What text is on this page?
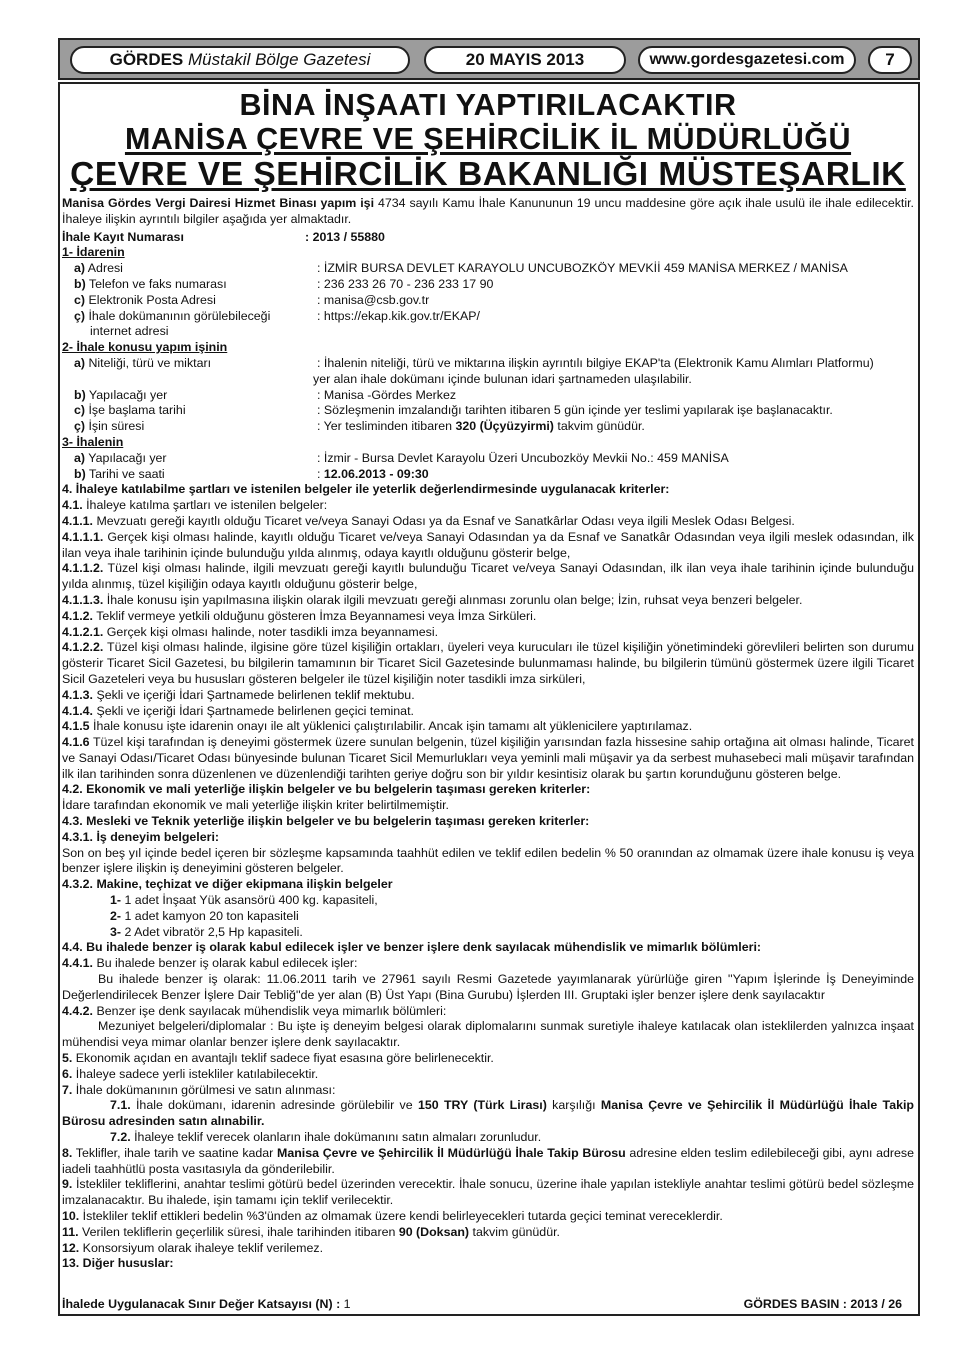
GÖRDES
Müstakil Bölge Gazetesi	20 MAYIS 2013	www.gordesgazetesi.com 7

BİNA İNŞAATI YAPTIRILACAKTIR

MANİSA ÇEVRE VE ŞEHİRCİLİK İL MÜDÜRLÜĞÜ

ÇEVRE VE ŞEHİRCİLİK BAKANLIĞI MÜSTEŞARLIK

Manisa Gördes Vergi Dairesi Hizmet Binası yapım işi 4734 sayılı Kamu İhale Kanununun 19 uncu maddesine göre açık ihale usulü ile ihale edilecektir. İhaleye ilişkin ayrıntılı bilgiler aşağıda yer almaktadır.

İhale Kayıt Numarası	: 2013 / 55880

1- İdarenin

a) Adresi	: İZMİR BURSA DEVLET KARAYOLU UNCUBOZKÖY MEVKİİ 459 MANİSA MERKEZ / MANİSA
b) Telefon ve faks numarası	: 236 233 26 70 - 236 233 17 90
c) Elektronik Posta Adresi	: manisa@csb.gov.tr
ç) İhale dokümanının görülebileceği	: https://ekap.kik.gov.tr/EKAP/

internet adresi

2- İhale konusu yapım işinin

a) Niteliği, türü ve miktarı	: İhalenin niteliği, türü ve miktarına ilişkin ayrıntılı bilgiye EKAP'ta (Elektronik Kamu Alımları Platformu)
yer alan ihale dokümanı içinde bulunan idari şartnameden ulaşılabilir.
b) Yapılacağı yer	: Manisa -Gördes Merkez
c) İşe başlama tarihi	: Sözleşmenin imzalandığı tarihten itibaren 5 gün içinde yer teslimi yapılarak işe başlanacaktır.
ç) İşin süresi	: Yer tesliminden itibaren 320 (Üçyüzyirmi) takvim günüdür.

3- İhalenin

a) Yapılacağı yer	: İzmir - Bursa Devlet Karayolu Üzeri Uncubozköy Mevkii No.: 459 MANİSA
b) Tarihi ve saati	: 12.06.2013 - 09:30

4. İhaleye katılabilme şartları ve istenilen belgeler ile yeterlik değerlendirmesinde uygulanacak kriterler:

4.1. İhaleye katılma şartları ve istenilen belgeler:

4.1.1. Mevzuatı gereği kayıtlı olduğu Ticaret ve/veya Sanayi Odası ya da Esnaf ve Sanatkârlar Odası veya ilgili Meslek Odası Belgesi.

4.1.1.1. Gerçek kişi olması halinde, kayıtlı olduğu Ticaret ve/veya Sanayi Odasından ya da Esnaf ve Sanatkâr Odasından veya ilgili meslek odasından, ilk ilan veya ihale tarihinin içinde bulunduğu yılda alınmış, odaya kayıtlı olduğunu gösterir belge,

4.1.1.2. Tüzel kişi olması halinde, ilgili mevzuatı gereği kayıtlı bulunduğu Ticaret ve/veya Sanayi Odasından, ilk ilan veya ihale tarihinin içinde bulunduğu yılda alınmış, tüzel kişiliğin odaya kayıtlı olduğunu gösterir belge,

4.1.1.3. İhale konusu işin yapılmasına ilişkin olarak ilgili mevzuatı gereği alınması zorunlu olan belge; İzin, ruhsat veya benzeri belgeler.

4.1.2. Teklif vermeye yetkili olduğunu gösteren İmza Beyannamesi veya İmza Sirküleri.

4.1.2.1. Gerçek kişi olması halinde, noter tasdikli imza beyannamesi.

4.1.2.2. Tüzel kişi olması halinde, ilgisine göre tüzel kişiliğin ortakları, üyeleri veya kurucuları ile tüzel kişiliğin yönetimindeki görevlileri belirten son durumu gösterir Ticaret Sicil Gazetesi, bu bilgilerin tamamının bir Ticaret Sicil Gazetesinde bulunmaması halinde, bu bilgilerin tümünü göstermek üzere ilgili Ticaret Sicil Gazeteleri veya bu hususları gösteren belgeler ile tüzel kişiliğin noter tasdikli imza sirküleri,

4.1.3. Şekli ve içeriği İdari Şartnamede belirlenen teklif mektubu.

4.1.4. Şekli ve içeriği İdari Şartnamede belirlenen geçici teminat.

4.1.5 İhale konusu işte idarenin onayı ile alt yüklenici çalıştırılabilir. Ancak işin tamamı alt yüklenicilere yaptırılamaz.

4.1.6 Tüzel kişi tarafından iş deneyimi göstermek üzere sunulan belgenin, tüzel kişiliğin yarısından fazla hissesine sahip ortağına ait olması halinde, Ticaret ve Sanayi Odası/Ticaret Odası bünyesinde bulunan Ticaret Sicil Memurlukları veya yeminli mali müşavir ya da serbest muhasebeci mali müşavir tarafından ilk ilan tarihinden sonra düzenlenen ve düzenlendiği tarihten geriye doğru son bir yıldır kesintisiz olarak bu şartın korunduğunu gösteren belge.

4.2. Ekonomik ve mali yeterliğe ilişkin belgeler ve bu belgelerin taşıması gereken kriterler:

İdare tarafından ekonomik ve mali yeterliğe ilişkin kriter belirtilmemiştir.

4.3. Mesleki ve Teknik yeterliğe ilişkin belgeler ve bu belgelerin taşıması gereken kriterler:

4.3.1. İş deneyim belgeleri:

Son on beş yıl içinde bedel içeren bir sözleşme kapsamında taahhüt edilen ve teklif edilen bedelin % 50 oranından az olmamak üzere ihale konusu iş veya benzer işlere ilişkin iş deneyimini gösteren belgeler.

4.3.2. Makine, teçhizat ve diğer ekipmana ilişkin belgeler

1- 1 adet İnşaat Yük asansörü 400 kg. kapasiteli,

2- 1 adet kamyon 20 ton kapasiteli

3- 2 Adet vibratör 2,5 Hp kapasiteli.

4.4. Bu ihalede benzer iş olarak kabul edilecek işler ve benzer işlere denk sayılacak mühendislik ve mimarlık bölümleri:

4.4.1. Bu ihalede benzer iş olarak kabul edilecek işler:

Bu ihalede benzer iş olarak: 11.06.2011 tarih ve 27961 sayılı Resmi Gazetede yayımlanarak yürürlüğe giren ''Yapım İşlerinde İş Deneyiminde Değerlendirilecek Benzer İşlere Dair Tebliğ''de yer alan (B) Üst Yapı (Bina Gurubu) İşlerden III. Gruptaki işler benzer işlere denk sayılacaktır

4.4.2. Benzer işe denk sayılacak mühendislik veya mimarlık bölümleri:

Mezuniyet belgeleri/diplomalar : Bu işte iş deneyim belgesi olarak diplomalarını sunmak suretiyle ihaleye katılacak olan isteklilerden yalnızca inşaat mühendisi veya mimar olanlar benzer işlere denk sayılacaktır.

5. Ekonomik açıdan en avantajlı teklif sadece fiyat esasına göre belirlenecektir.

6. İhaleye sadece yerli istekliler katılabilecektir.

7. İhale dokümanının görülmesi ve satın alınması:

7.1. İhale dokümanı, idarenin adresinde görülebilir ve 150 TRY (Türk Lirası) karşılığı Manisa Çevre ve Şehircilik İl Müdürlüğü İhale Takip Bürosu adresinden satın alınabilir.

7.2. İhaleye teklif verecek olanların ihale dokümanını satın almaları zorunludur.

8. Teklifler, ihale tarih ve saatine kadar Manisa Çevre ve Şehircilik İl Müdürlüğü İhale Takip Bürosu adresine elden teslim edilebileceği gibi, aynı adrese iadeli taahhütlü posta vasıtasıyla da gönderilebilir.

9. İstekliler tekliflerini, anahtar teslimi götürü bedel üzerinden verecektir. İhale sonucu, üzerine ihale yapılan istekliyle anahtar teslimi götürü bedel sözleşme imzalanacaktır. Bu ihalede, işin tamamı için teklif verilecektir.

10. İstekliler teklif ettikleri bedelin %3'ünden az olmamak üzere kendi belirleyecekleri tutarda geçici teminat vereceklerdir.

11. Verilen tekliflerin geçerlilik süresi, ihale tarihinden itibaren 90 (Doksan) takvim günüdür.

12. Konsorsiyum olarak ihaleye teklif verilemez.

13. Diğer hususlar:

İhalede Uygulanacak Sınır Değer Katsayısı (N) : 1	GÖRDES BASIN : 2013 / 26
